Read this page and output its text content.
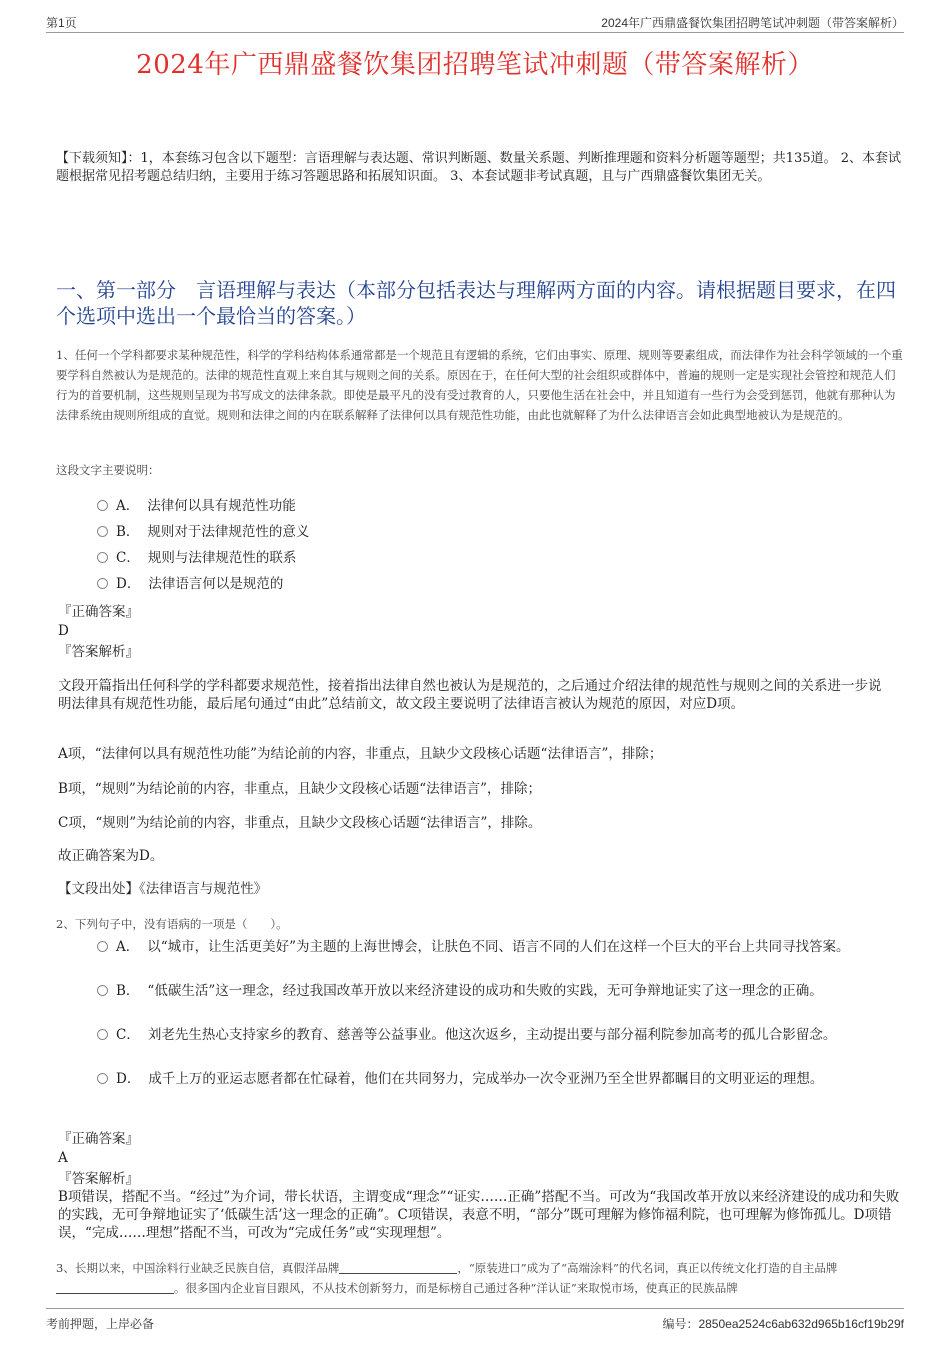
第1页	2024年广西鼎盛餐饮集团招聘笔试冲刺题（带答案解析）
2024年广西鼎盛餐饮集团招聘笔试冲刺题（带答案解析）
【下载须知】：1，本套练习包含以下题型：言语理解与表达题、常识判断题、数量关系题、判断推理题和资料分析题等题型；共135道。 2、本套试题根据常见招考题总结归纳，主要用于练习答题思路和拓展知识面。 3、本套试题非考试真题，且与广西鼎盛餐饮集团无关。
一、第一部分　言语理解与表达（本部分包括表达与理解两方面的内容。请根据题目要求，在四个选项中选出一个最恰当的答案。）
1、任何一个学科都要求某种规范性，科学的学科结构体系通常都是一个规范且有逻辑的系统，它们由事实、原理、规则等要素组成，而法律作为社会科学领域的一个重要学科自然被认为是规范的。法律的规范性直观上来自其与规则之间的关系。原因在于，在任何大型的社会组织或群体中，普遍的规则一定是实现社会管控和规范人们行为的首要机制，这些规则呈现为书写成文的法律条款。即使是最平凡的没有受过教育的人，只要他生活在社会中，并且知道有一些行为会受到惩罚，他就有那种认为法律系统由规则所组成的直觉。规则和法律之间的内在联系解释了法律何以具有规范性功能，由此也就解释了为什么法律语言会如此典型地被认为是规范的。
这段文字主要说明：
A． 法律何以具有规范性功能
B． 规则对于法律规范性的意义
C． 规则与法律规范性的联系
D． 法律语言何以是规范的
『正确答案』
D
『答案解析』
文段开篇指出任何科学的学科都要求规范性，接着指出法律自然也被认为是规范的，之后通过介绍法律的规范性与规则之间的关系进一步说明法律具有规范性功能，最后尾句通过“由此”总结前文，故文段主要说明了法律语言被认为规范的原因，对应D项。
A项，“法律何以具有规范性功能”为结论前的内容，非重点，且缺少文段核心话题“法律语言”，排除；
B项，“规则”为结论前的内容，非重点，且缺少文段核心话题“法律语言”，排除；
C项，“规则”为结论前的内容，非重点，且缺少文段核心话题“法律语言”，排除。
故正确答案为D。
【文段出处】《法律语言与规范性》
2、下列句子中，没有语病的一项是（　　）。
A． 以“城市，让生活更美好”为主题的上海世博会，让肤色不同、语言不同的人们在这样一个巨大的平台上共同寻找答案。
B． “低碳生活”这一理念，经过我国改革开放以来经济建设的成功和失败的实践，无可争辩地证实了这一理念的正确。
C． 刘老先生热心支持家乡的教育、慈善等公益事业。他这次返乡，主动提出要与部分福利院参加高考的孤儿合影留念。
D． 成千上万的亚运志愿者都在忙碌着，他们在共同努力，完成举办一次令亚洲乃至全世界都瞩目的文明亚运的理想。
『正确答案』
A
『答案解析』
B项错误，搭配不当。“经过”为介词，带长状语，主谓变成“理念”“证实……正确”搭配不当。可改为“我国改革开放以来经济建设的成功和失败的实践，无可争辩地证实了‘低碳生活’这一理念的正确”。C项错误，表意不明，“部分”既可理解为修饰福利院，也可理解为修饰孤儿。D项错误，“完成……理想”搭配不当，可改为“完成任务”或“实现理想”。
3、长期以来，中国涂料行业缺乏民族自信，真假洋品牌	，“原装进口”成为了“高端涂料”的代名词，真正以传统文化打造的自主品牌。很多国内企业盲目跟风，不从技术创新努力，而是标榜自己通过各种“洋认证”来取悦市场，使真正的民族品牌
考前押题，上岸必备	编号：2850ea2524c6ab632d965b16cf19b29f
